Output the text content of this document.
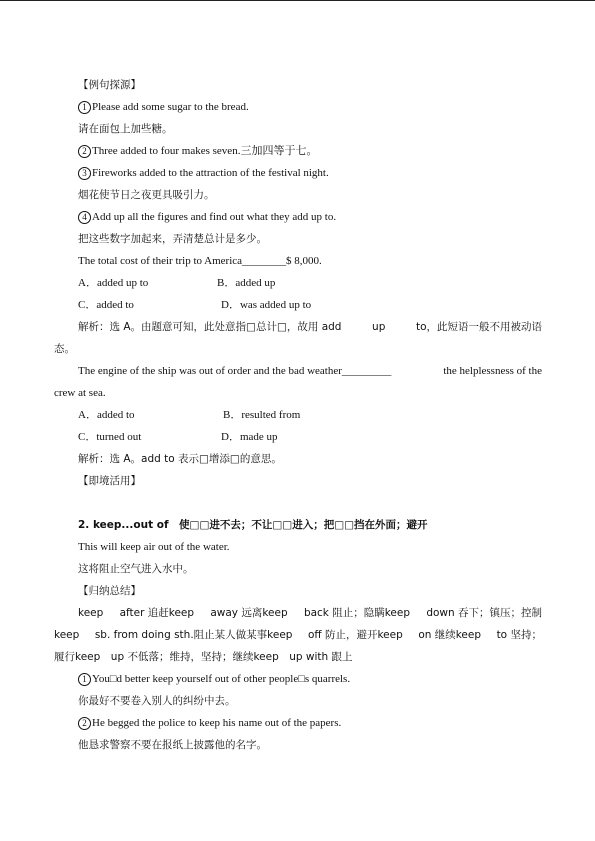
【例句探源】
1 Please add some sugar to the bread.
请在面包上加些糖。
2 Three added to four makes seven.三加四等于七。
3 Fireworks added to the attraction of the festival night.
烟花使节日之夜更具吸引力。
4 Add up all the figures and find out what they add up to.
把这些数字加起来，弄清楚总计是多少。
The total cost of their trip to America________$ 8,000.
A．added up to	B．added up
C．added to	D．was added up to
解析：选 A。由题意可知，此处意指□总计□，故用 add	up	to，此短语一般不用被动语
态。
The engine of the ship was out of order and the bad weather_________	the helplessness of the
crew at sea.
A．added to	B．resulted from
C．turned out	D．made up
解析：选 A。add to 表示□增添□的意思。
【即境活用】
2. keep...out of　使□□进不去；不让□□进入；把□□挡在外面；避开
This will keep air out of the water.
这将阻止空气进入水中。
【归纳总结】
keep after 追赶keep away 远离keep back 阻止；隐瞒keep down 吞下；镇压；控制
keep sb. from doing sth.阻止某人做某事keep off 防止，避开keep on 继续keep to 坚持；
履行keep　up 不低落；维持，坚持；继续keep　up with 跟上
1 You□d better keep yourself out of other people□s quarrels.
你最好不要卷入别人的纠纷中去。
2 He begged the police to keep his name out of the papers.
他恳求警察不要在报纸上披露他的名字。
